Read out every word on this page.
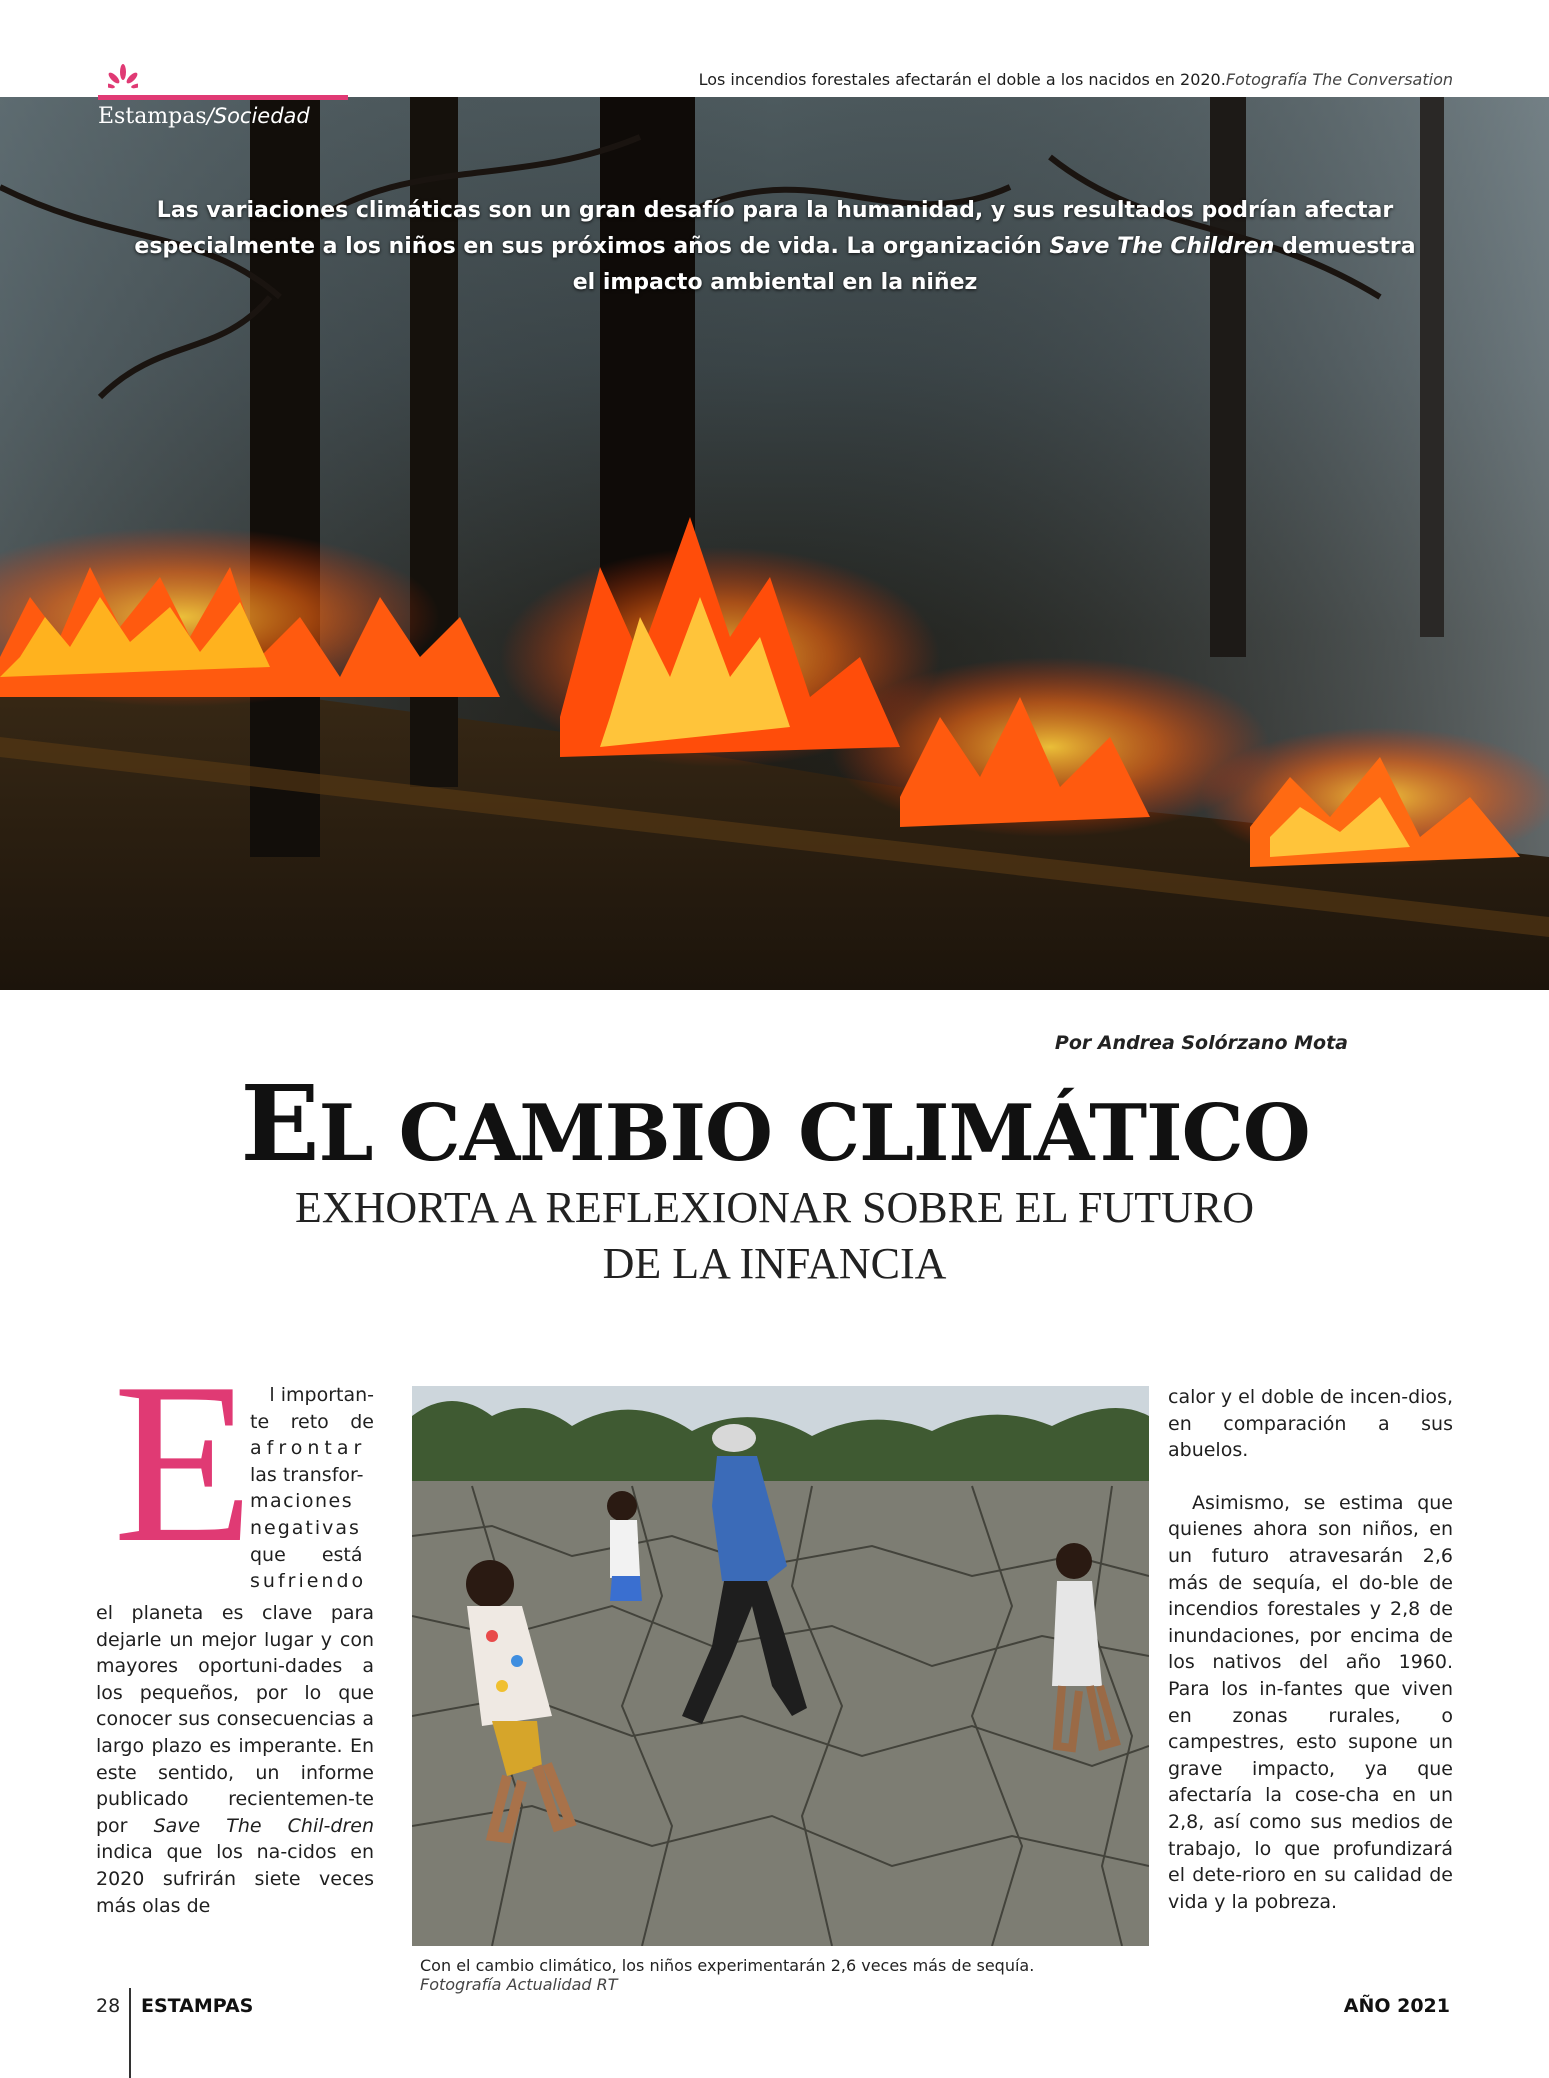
Los incendios forestales afectarán el doble a los nacidos en 2020.Fotografía The Conversation
Estampas/Sociedad
Las variaciones climáticas son un gran desafío para la humanidad, y sus resultados podrían afectar
especialmente a los niños en sus próximos años de vida. La organización Save The Children demuestra
el impacto ambiental en la niñez
Por Andrea Solórzano Mota
EL CAMBIO CLIMÁTICO
EXHORTA A REFLEXIONAR SOBRE EL FUTURO
DE LA INFANCIA
E l importan-
te reto de
afrontar
las transfor-
maciones
negativas
que está
sufriendo

el planeta es clave para dejarle un mejor lugar y con mayores oportuni-dades a los pequeños, por lo que conocer sus consecuencias a largo plazo es imperante. En este sentido, un informe publicado recientemen-te por Save The Chil-dren indica que los na-cidos en 2020 sufrirán siete veces más olas de

Con el cambio climático, los niños experimentarán 2,6 veces más de sequía.
Fotografía Actualidad RT

calor y el doble de incen-dios, en comparación a sus abuelos.

Asimismo, se estima que quienes ahora son niños, en un futuro atravesarán 2,6 más de sequía, el do-ble de incendios forestales y 2,8 de inundaciones, por encima de los nativos del año 1960. Para los in-fantes que viven en zonas rurales, o campestres, esto supone un grave impacto, ya que afectaría la cose-cha en un 2,8, así como sus medios de trabajo, lo que profundizará el dete-rioro en su calidad de vida y la pobreza.

28 ESTAMPAS	AÑO 2021
